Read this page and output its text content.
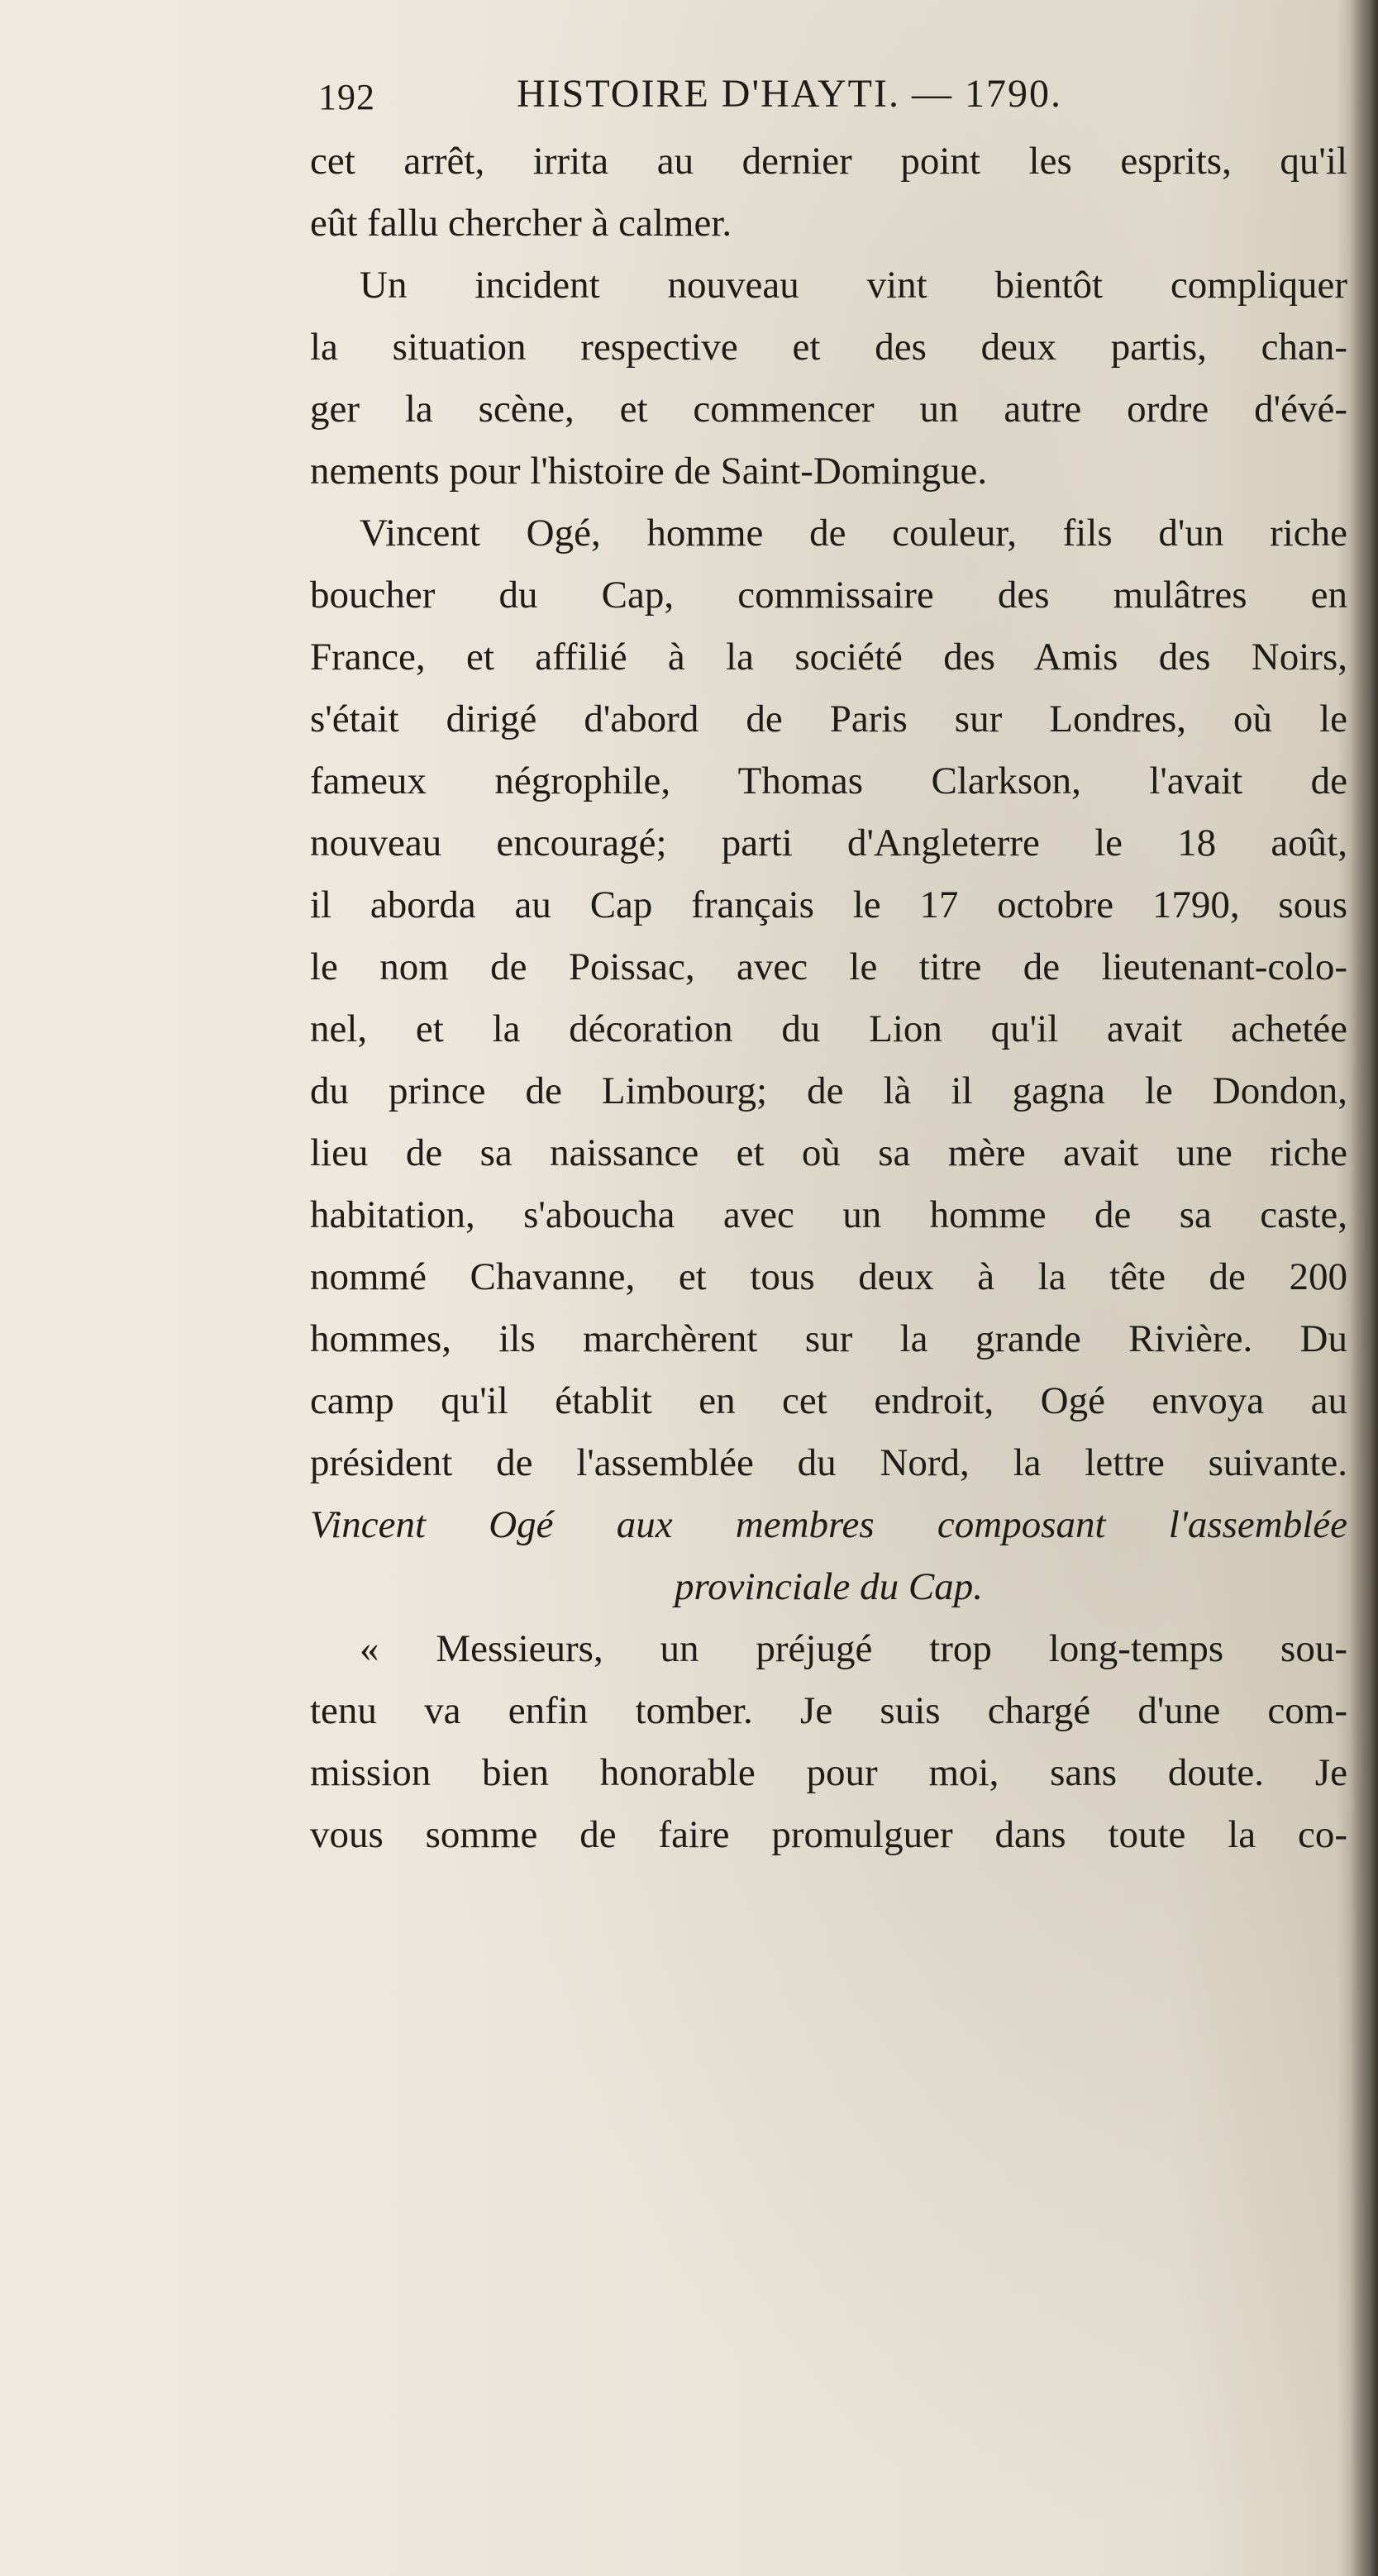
192	HISTOIRE D'HAYTI. — 1790.

cet arrêt, irrita au dernier point les esprits, qu'il
eût fallu chercher à calmer.

Un incident nouveau vint bientôt compliquer
la situation respective et des deux partis, chan-
ger la scène, et commencer un autre ordre d'évé-
nements pour l'histoire de Saint-Domingue.

Vincent Ogé, homme de couleur, fils d'un riche
boucher du Cap, commissaire des mulâtres en
France, et affilié à la société des Amis des Noirs,
s'était dirigé d'abord de Paris sur Londres, où le
fameux négrophile, Thomas Clarkson, l'avait de
nouveau encouragé; parti d'Angleterre le 18 août,
il aborda au Cap français le 17 octobre 1790, sous
le nom de Poissac, avec le titre de lieutenant-colo-
nel, et la décoration du Lion qu'il avait achetée
du prince de Limbourg; de là il gagna le Dondon,
lieu de sa naissance et où sa mère avait une riche
habitation, s'aboucha avec un homme de sa caste,
nommé Chavanne, et tous deux à la tête de 200
hommes, ils marchèrent sur la grande Rivière. Du
camp qu'il établit en cet endroit, Ogé envoya au
président de l'assemblée du Nord, la lettre suivante.

Vincent Ogé aux membres composant l'assemblée
provinciale du Cap.

« Messieurs, un préjugé trop long-temps sou-
tenu va enfin tomber. Je suis chargé d'une com-
mission bien honorable pour moi, sans doute. Je
vous somme de faire promulguer dans toute la co-
